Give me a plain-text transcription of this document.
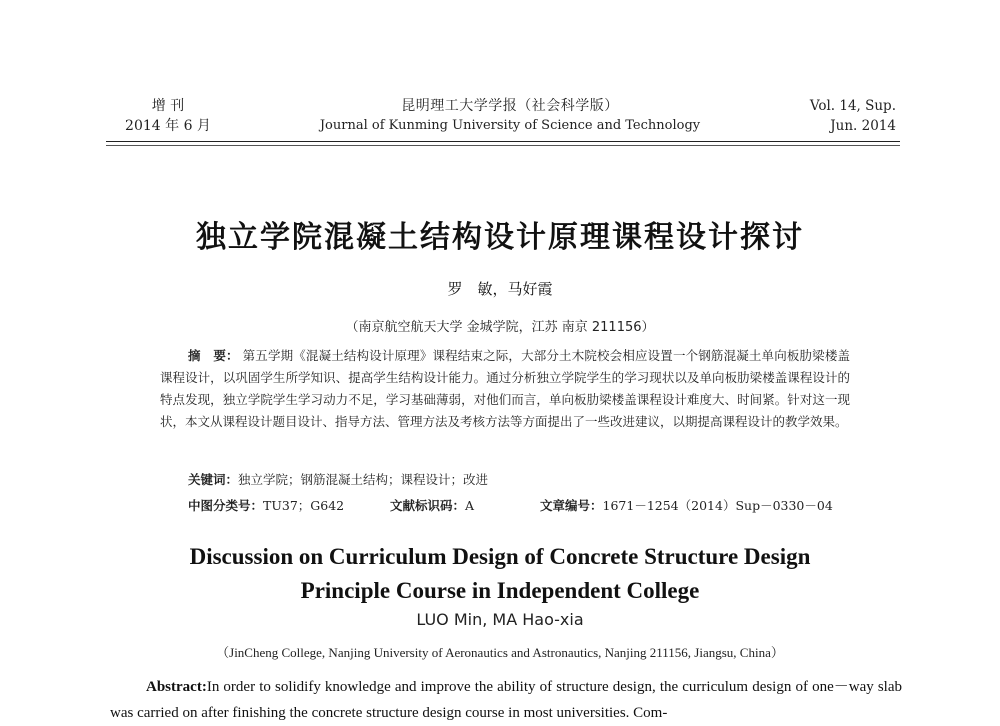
增 刊
2014 年 6 月
昆明理工大学学报（社会科学版）
Journal of Kunming University of Science and Technology
Vol. 14, Sup.
Jun. 2014
独立学院混凝土结构设计原理课程设计探讨
罗　敏，马好霞
（南京航空航天大学 金城学院，江苏 南京 211156）
摘　要： 第五学期《混凝土结构设计原理》课程结束之际，大部分土木院校会相应设置一个钢筋混凝土单向板肋梁楼盖课程设计，以巩固学生所学知识、提高学生结构设计能力。通过分析独立学院学生的学习现状以及单向板肋梁楼盖课程设计的特点发现，独立学院学生学习动力不足，学习基础薄弱，对他们而言，单向板肋梁楼盖课程设计难度大、时间紧。针对这一现状，本文从课程设计题目设计、指导方法、管理方法及考核方法等方面提出了一些改进建议，以期提高课程设计的教学效果。
关键词：独立学院；钢筋混凝土结构；课程设计；改进
中图分类号：TU37；G642	文献标识码：A	文章编号：1671－1254（2014）Sup－0330－04
Discussion on Curriculum Design of Concrete Structure Design
Principle Course in Independent College
LUO Min, MA Hao-xia
（JinCheng College, Nanjing University of Aeronautics and Astronautics, Nanjing 211156, Jiangsu, China）
Abstract:In order to solidify knowledge and improve the ability of structure design, the curriculum design of one－way slab was carried on after finishing the concrete structure design course in most universities. Com-
